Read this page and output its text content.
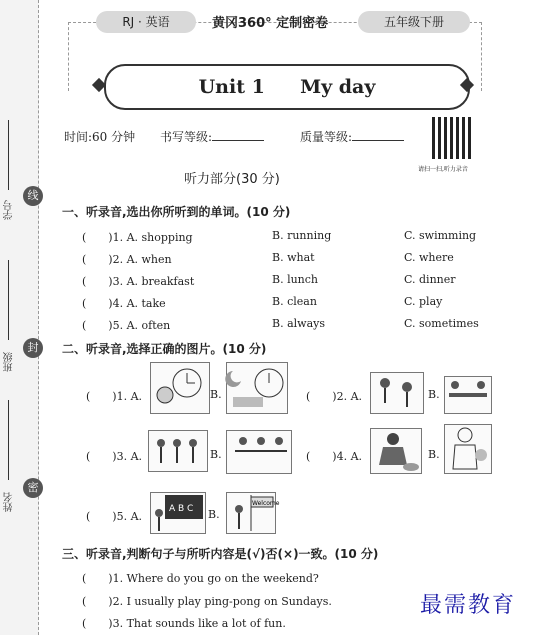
线
封
密
学号
班级
姓名
RJ · 英语	黄冈360° 定制密卷	五年级下册
Unit 1 My day
时间:60 分钟 书写等级:	质量等级:
请扫一扫,听力录音
听力部分(30 分)
一、听录音,选出你所听到的单词。(10 分)
(　　)1. A. shopping	B. running	C. swimming
(　　)2. A. when	B. what	C. where
(　　)3. A. breakfast	B. lunch	C. dinner
(　　)4. A. take	B. clean	C. play
(　　)5. A. often	B. always	C. sometimes
二、听录音,选择正确的图片。(10 分)
(　　)1. A.	B.	(　　)2. A.	B.
(　　)3. A.	B.	(　　)4. A.	B.
(　　)5. A.
A B C B.
Welcome
三、听录音,判断句子与所听内容是(√)否(×)一致。(10 分)
(　　)1. Where do you go on the weekend?
(　　)2. I usually play ping-pong on Sundays.
(　　)3. That sounds like a lot of fun.
最需教育
